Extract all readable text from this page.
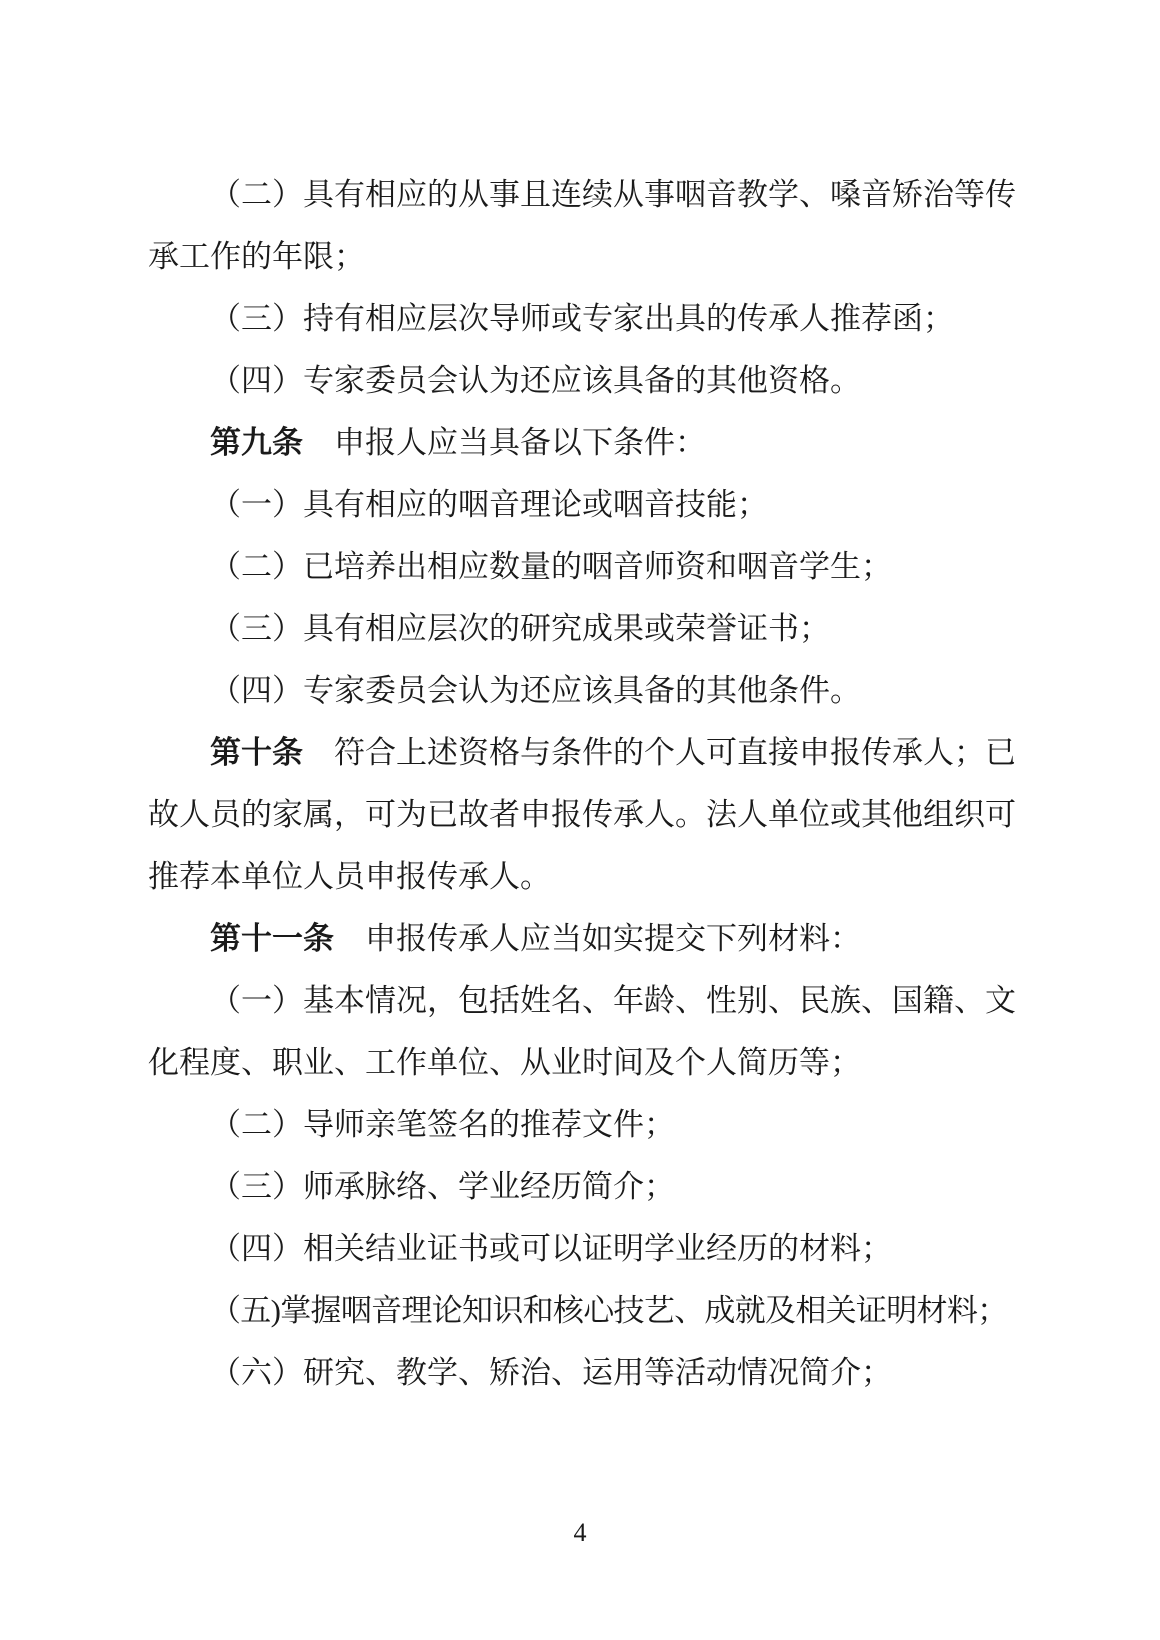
（二）具有相应的从事且连续从事咽音教学、嗓音矫治等传
承工作的年限；
（三）持有相应层次导师或专家出具的传承人推荐函；
（四）专家委员会认为还应该具备的其他资格。
第九条　申报人应当具备以下条件：
（一）具有相应的咽音理论或咽音技能；
（二）已培养出相应数量的咽音师资和咽音学生；
（三）具有相应层次的研究成果或荣誉证书；
（四）专家委员会认为还应该具备的其他条件。
第十条　符合上述资格与条件的个人可直接申报传承人；已
故人员的家属，可为已故者申报传承人。法人单位或其他组织可
推荐本单位人员申报传承人。
第十一条　申报传承人应当如实提交下列材料：
（一）基本情况，包括姓名、年龄、性别、民族、国籍、文
化程度、职业、工作单位、从业时间及个人简历等；
（二）导师亲笔签名的推荐文件；
（三）师承脉络、学业经历简介；
（四）相关结业证书或可以证明学业经历的材料；
（五)掌握咽音理论知识和核心技艺、成就及相关证明材料；
（六）研究、教学、矫治、运用等活动情况简介；
4
